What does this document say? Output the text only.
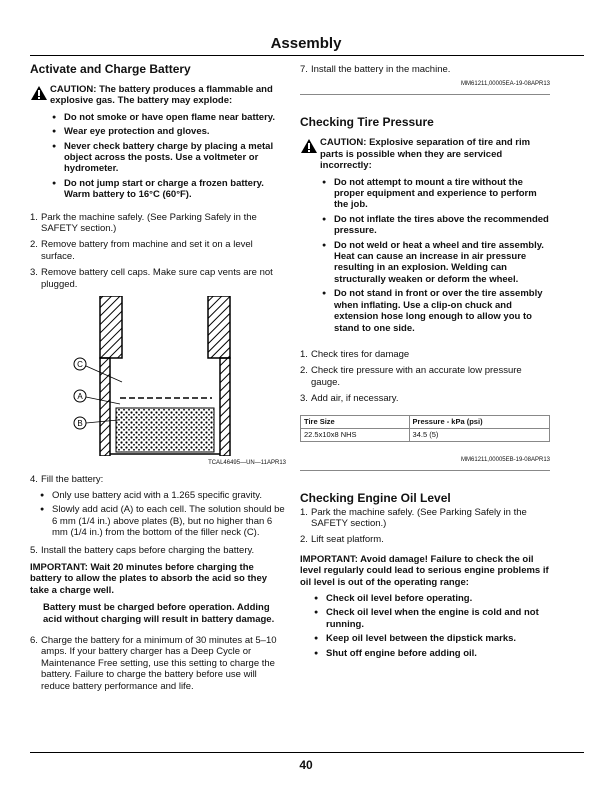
Assembly
Activate and Charge Battery
CAUTION: The battery produces a flammable and explosive gas. The battery may explode:
● Do not smoke or have open flame near battery.
● Wear eye protection and gloves.
● Never check battery charge by placing a metal object across the posts. Use a voltmeter or hydrometer.
● Do not jump start or charge a frozen battery. Warm battery to 16°C (60°F).
1. Park the machine safely. (See Parking Safely in the SAFETY section.)
2. Remove battery from machine and set it on a level surface.
3. Remove battery cell caps. Make sure cap vents are not plugged.
C
A
B
TCAL46495—UN—11APR13
4. Fill the battery:
● Only use battery acid with a 1.265 specific gravity.
● Slowly add acid (A) to each cell. The solution should be 6 mm (1/4 in.) above plates (B), but no higher than 6 mm (1/4 in.) from the bottom of the filler neck (C).
5. Install the battery caps before charging the battery.

IMPORTANT: Wait 20 minutes before charging the battery to allow the plates to absorb the acid so they take a charge well.

Battery must be charged before operation. Adding acid without charging will result in battery damage.

6. Charge the battery for a minimum of 30 minutes at 5–10 amps. If your battery charger has a Deep Cycle or Maintenance Free setting, use this setting to charge the battery. Failure to charge the battery before use will reduce battery performance and life.
7. Install the battery in the machine.
MM61211,00005EA-19-08APR13
Checking Tire Pressure
CAUTION: Explosive separation of tire and rim parts is possible when they are serviced incorrectly:
● Do not attempt to mount a tire without the proper equipment and experience to perform the job.
● Do not inflate the tires above the recommended pressure.
● Do not weld or heat a wheel and tire assembly. Heat can cause an increase in air pressure resulting in an explosion. Welding can structurally weaken or deform the wheel.
● Do not stand in front or over the tire assembly when inflating. Use a clip-on chuck and extension hose long enough to allow you to stand to one side.
1. Check tires for damage
2. Check tire pressure with an accurate low pressure gauge.
3. Add air, if necessary.
Tire Size	Pressure - kPa (psi)
22.5x10x8 NHS	34.5 (5)
MM61211,00005EB-19-08APR13
Checking Engine Oil Level
1. Park the machine safely. (See Parking Safely in the SAFETY section.)
2. Lift seat platform.

IMPORTANT: Avoid damage! Failure to check the oil level regularly could lead to serious engine problems if oil level is out of the operating range:

● Check oil level before operating.
● Check oil level when the engine is cold and not running.
● Keep oil level between the dipstick marks.
● Shut off engine before adding oil.
40
